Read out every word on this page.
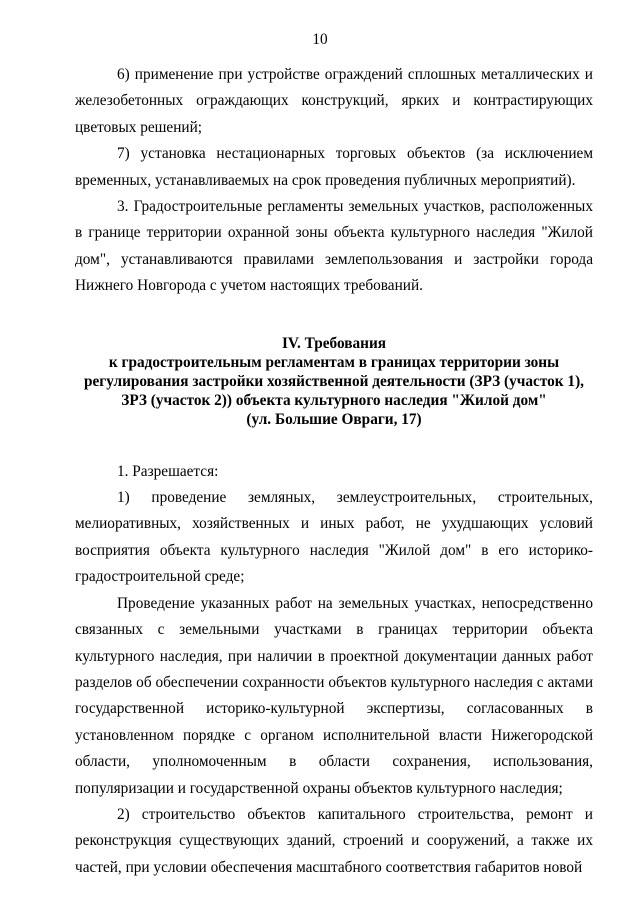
10

6) применение при устройстве ограждений сплошных металлических и железобетонных ограждающих конструкций, ярких и контрастирующих цветовых решений;

7) установка нестационарных торговых объектов (за исключением временных, устанавливаемых на срок проведения публичных мероприятий).

3. Градостроительные регламенты земельных участков, расположенных в границе территории охранной зоны объекта культурного наследия "Жилой дом", устанавливаются правилами землепользования и застройки города Нижнего Новгорода с учетом настоящих требований.

IV. Требования

к градостроительным регламентам в границах территории зоны

регулирования застройки хозяйственной деятельности (ЗРЗ (участок 1),

ЗРЗ (участок 2)) объекта культурного наследия "Жилой дом"

(ул. Большие Овраги, 17)

1. Разрешается:

1) проведение земляных, землеустроительных, строительных, мелиоративных, хозяйственных и иных работ, не ухудшающих условий восприятия объекта культурного наследия "Жилой дом" в его историко-градостроительной среде;

Проведение указанных работ на земельных участках, непосредственно связанных с земельными участками в границах территории объекта культурного наследия, при наличии в проектной документации данных работ разделов об обеспечении сохранности объектов культурного наследия с актами государственной историко-культурной экспертизы, согласованных в установленном порядке с органом исполнительной власти Нижегородской области, уполномоченным в области сохранения, использования, популяризации и государственной охраны объектов культурного наследия;

2) строительство объектов капитального строительства, ремонт и реконструкция существующих зданий, строений и сооружений, а также их частей, при условии обеспечения масштабного соответствия габаритов новой
